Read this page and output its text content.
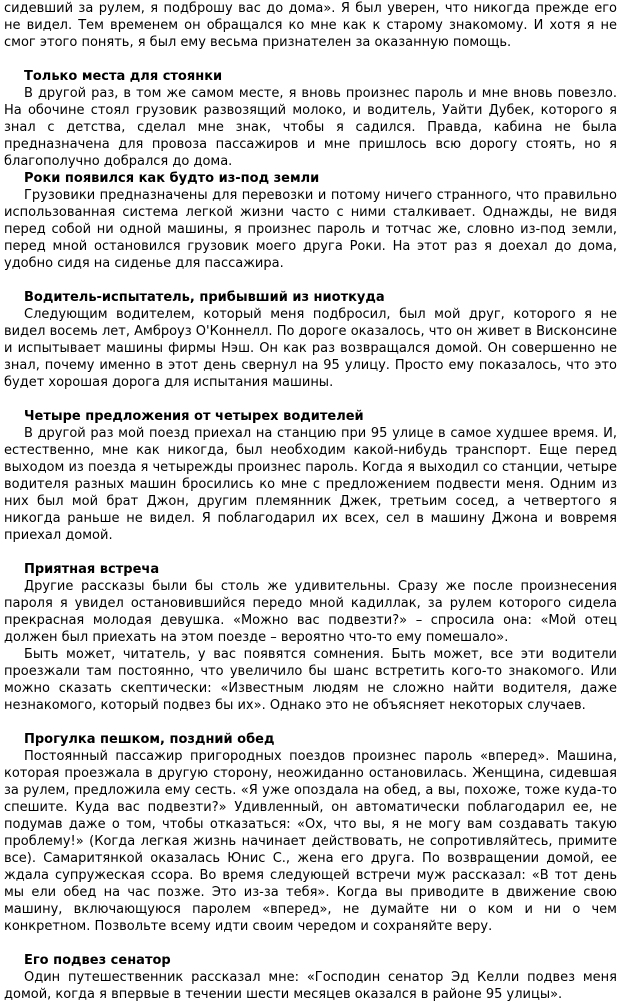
сидевший за рулем, я подброшу вас до дома». Я был уверен, что никогда прежде его не видел. Тем временем он обращался ко мне как к старому знакомому. И хотя я не смог этого понять, я был ему весьма признателен за оказанную помощь.

Только места для стоянки

В другой раз, в том же самом месте, я вновь произнес пароль и мне вновь повезло. На обочине стоял грузовик развозящий молоко, и водитель, Уайти Дубек, которого я знал с детства, сделал мне знак, чтобы я садился. Правда, кабина не была предназначена для провоза пассажиров и мне пришлось всю дорогу стоять, но я благополучно добрался до дома.

Роки появился как будто из-под земли

Грузовики предназначены для перевозки и потому ничего странного, что правильно использованная система легкой жизни часто с ними сталкивает. Однажды, не видя перед собой ни одной машины, я произнес пароль и тотчас же, словно из-под земли, перед мной остановился грузовик моего друга Роки. На этот раз я доехал до дома, удобно сидя на сиденье для пассажира.

Водитель-испытатель, прибывший из ниоткуда

Следующим водителем, который меня подбросил, был мой друг, которого я не видел восемь лет, Амброуз О'Коннелл. По дороге оказалось, что он живет в Висконсине и испытывает машины фирмы Нэш. Он как раз возвращался домой. Он совершенно не знал, почему именно в этот день свернул на 95 улицу. Просто ему показалось, что это будет хорошая дорога для испытания машины.

Четыре предложения от четырех водителей

В другой раз мой поезд приехал на станцию при 95 улице в самое худшее время. И, естественно, мне как никогда, был необходим какой-нибудь транспорт. Еще перед выходом из поезда я четырежды произнес пароль. Когда я выходил со станции, четыре водителя разных машин бросились ко мне с предложением подвести меня. Одним из них был мой брат Джон, другим племянник Джек, третьим сосед, а четвертого я никогда раньше не видел. Я поблагодарил их всех, сел в машину Джона и вовремя приехал домой.

Приятная встреча

Другие рассказы были бы столь же удивительны. Сразу же после произнесения пароля я увидел остановившийся передо мной кадиллак, за рулем которого сидела прекрасная молодая девушка. «Можно вас подвезти?» – спросила она: «Мой отец должен был приехать на этом поезде – вероятно что-то ему помешало».

Быть может, читатель, у вас появятся сомнения. Быть может, все эти водители проезжали там постоянно, что увеличило бы шанс встретить кого-то знакомого. Или можно сказать скептически: «Известным людям не сложно найти водителя, даже незнакомого, который подвез бы их». Однако это не объясняет некоторых случаев.

Прогулка пешком, поздний обед

Постоянный пассажир пригородных поездов произнес пароль «вперед». Машина, которая проезжала в другую сторону, неожиданно остановилась. Женщина, сидевшая за рулем, предложила ему сесть. «Я уже опоздала на обед, а вы, похоже, тоже куда-то спешите. Куда вас подвезти?» Удивленный, он автоматически поблагодарил ее, не подумав даже о том, чтобы отказаться: «Ох, что вы, я не могу вам создавать такую проблему!» (Когда легкая жизнь начинает действовать, не сопротивляйтесь, примите все). Самаритянкой оказалась Юнис С., жена его друга. По возвращении домой, ее ждала супружеская ссора. Во время следующей встречи муж рассказал: «В тот день мы ели обед на час позже. Это из-за тебя». Когда вы приводите в движение свою машину, включающуюся паролем «вперед», не думайте ни о ком и ни о чем конкретном. Позвольте всему идти своим чередом и сохраняйте веру.

Его подвез сенатор

Один путешественник рассказал мне: «Господин сенатор Эд Келли подвез меня домой, когда я впервые в течении шести месяцев оказался в районе 95 улицы».
